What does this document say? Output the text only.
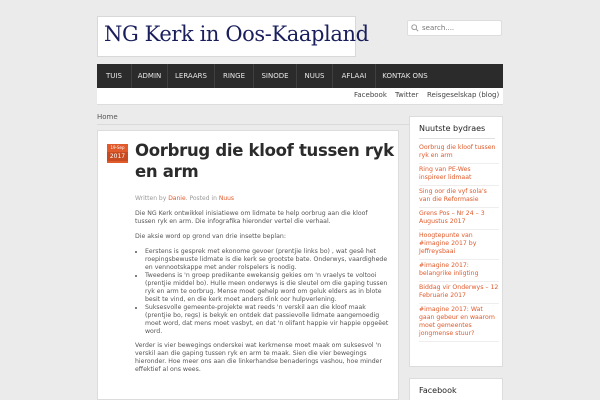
NG Kerk in Oos-Kaapland
search....
TUIS	ADMIN	LERAARS	RINGE	SINODE	NUUS	AFLAAI	KONTAK ONS
Facebook Twitter Reisgeselskap (blog)
Home
19-Sep
2017 Oorbrug die kloof tussen ryk en arm
Written by Danie. Posted in Nuus

Die NG Kerk ontwikkel inisiatiewe om lidmate te help oorbrug aan die kloof tussen ryk en arm. Die infografika hieronder vertel die verhaal.

Die aksie word op grond van drie insette beplan:

• Eerstens is gesprek met ekonome gevoer (prentjie links bo) , wat gesê het roepingsbewuste lidmate is die kerk se grootste bate. Onderwys, vaardighede en vennootskappe met ander rolspelers is nodig.
• Tweedens is 'n groep predikante ewekansig gekies om 'n vraelys te voltooi (prentjie middel bo). Hulle meen onderwys is die sleutel om die gaping tussen ryk en arm te oorbrug. Mense moet gehelp word om geluk elders as in blote besit te vind, en die kerk moet anders dink oor hulpverlening.
• Suksesvolle gemeente-projekte wat reeds 'n verskil aan die kloof maak (prentjie bo, regs) is bekyk en ontdek dat passievolle lidmate aangemoedig moet word, dat mens moet vasbyt, en dat 'n olifant happie vir happie opgeëet word.

Verder is vier bewegings onderskei wat kerkmense moet maak om suksesvol 'n verskil aan die gaping tussen ryk en arm te maak. Sien die vier bewegings hieronder. Hoe meer ons aan die linkerhandse benaderings vashou, hoe minder effektief al ons wees.

Nuutste bydraes
Oorbrug die kloof tussen ryk en arm
Ring van PE-Wes inspireer lidmaat
Sing oor die vyf sola's van die Reformasie
Grens Pos – Nr 24 – 3 Augustus 2017
Hoogtepunte van #imagine 2017 by Jeffreysbaai
#imagine 2017: belangrike inligting
Biddag vir Onderwys – 12 Februarie 2017
#imagine 2017: Wat gaan gebeur en waarom moet gemeentes jongmense stuur?
Facebook
